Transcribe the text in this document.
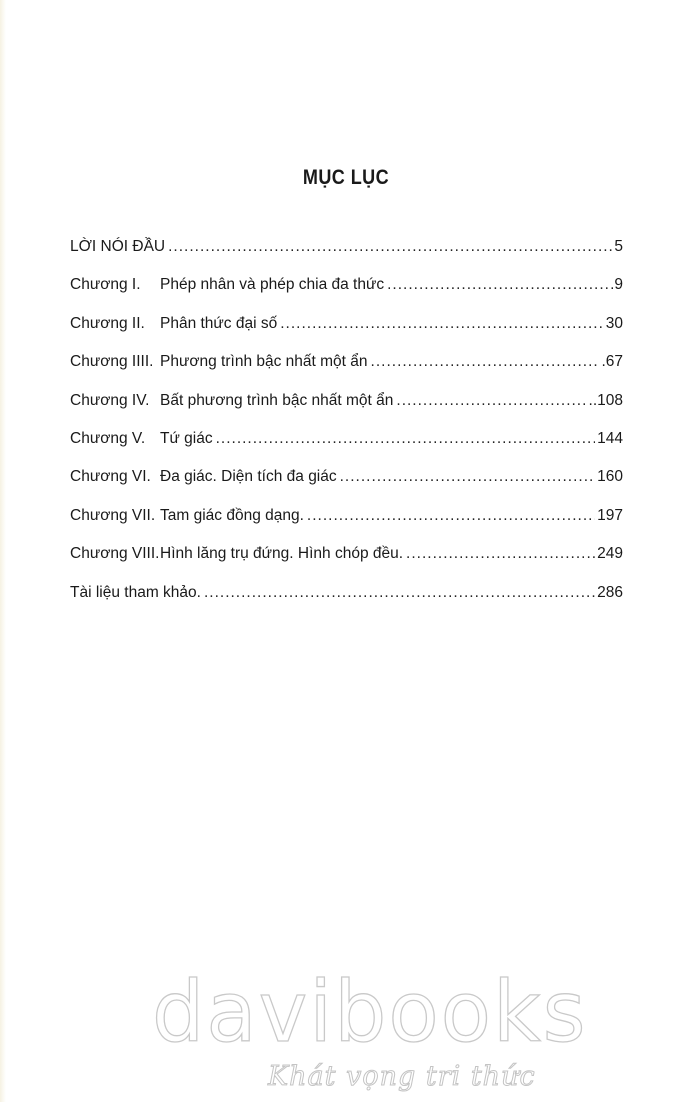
MỤC LỤC
LỜI NÓI ĐẦU .....	5
Chương I.	Phép nhân và phép chia đa thức .....	.9
Chương II. Phân thức đại số .....	30
Chương IIII. Phương trình bậc nhất một ẩn .....	.67
Chương IV. Bất phương trình bậc nhất một ẩn .....	..108
Chương V. Tứ giác .....	144
Chương VI. Đa giác. Diện tích đa giác .....	160
Chương VII. Tam giác đồng dạng. .....	197
Chương VIII. Hình lăng trụ đứng. Hình chóp đều. .....	249
Tài liệu tham khảo. .....	286
davibooks
Khát vọng tri thức
